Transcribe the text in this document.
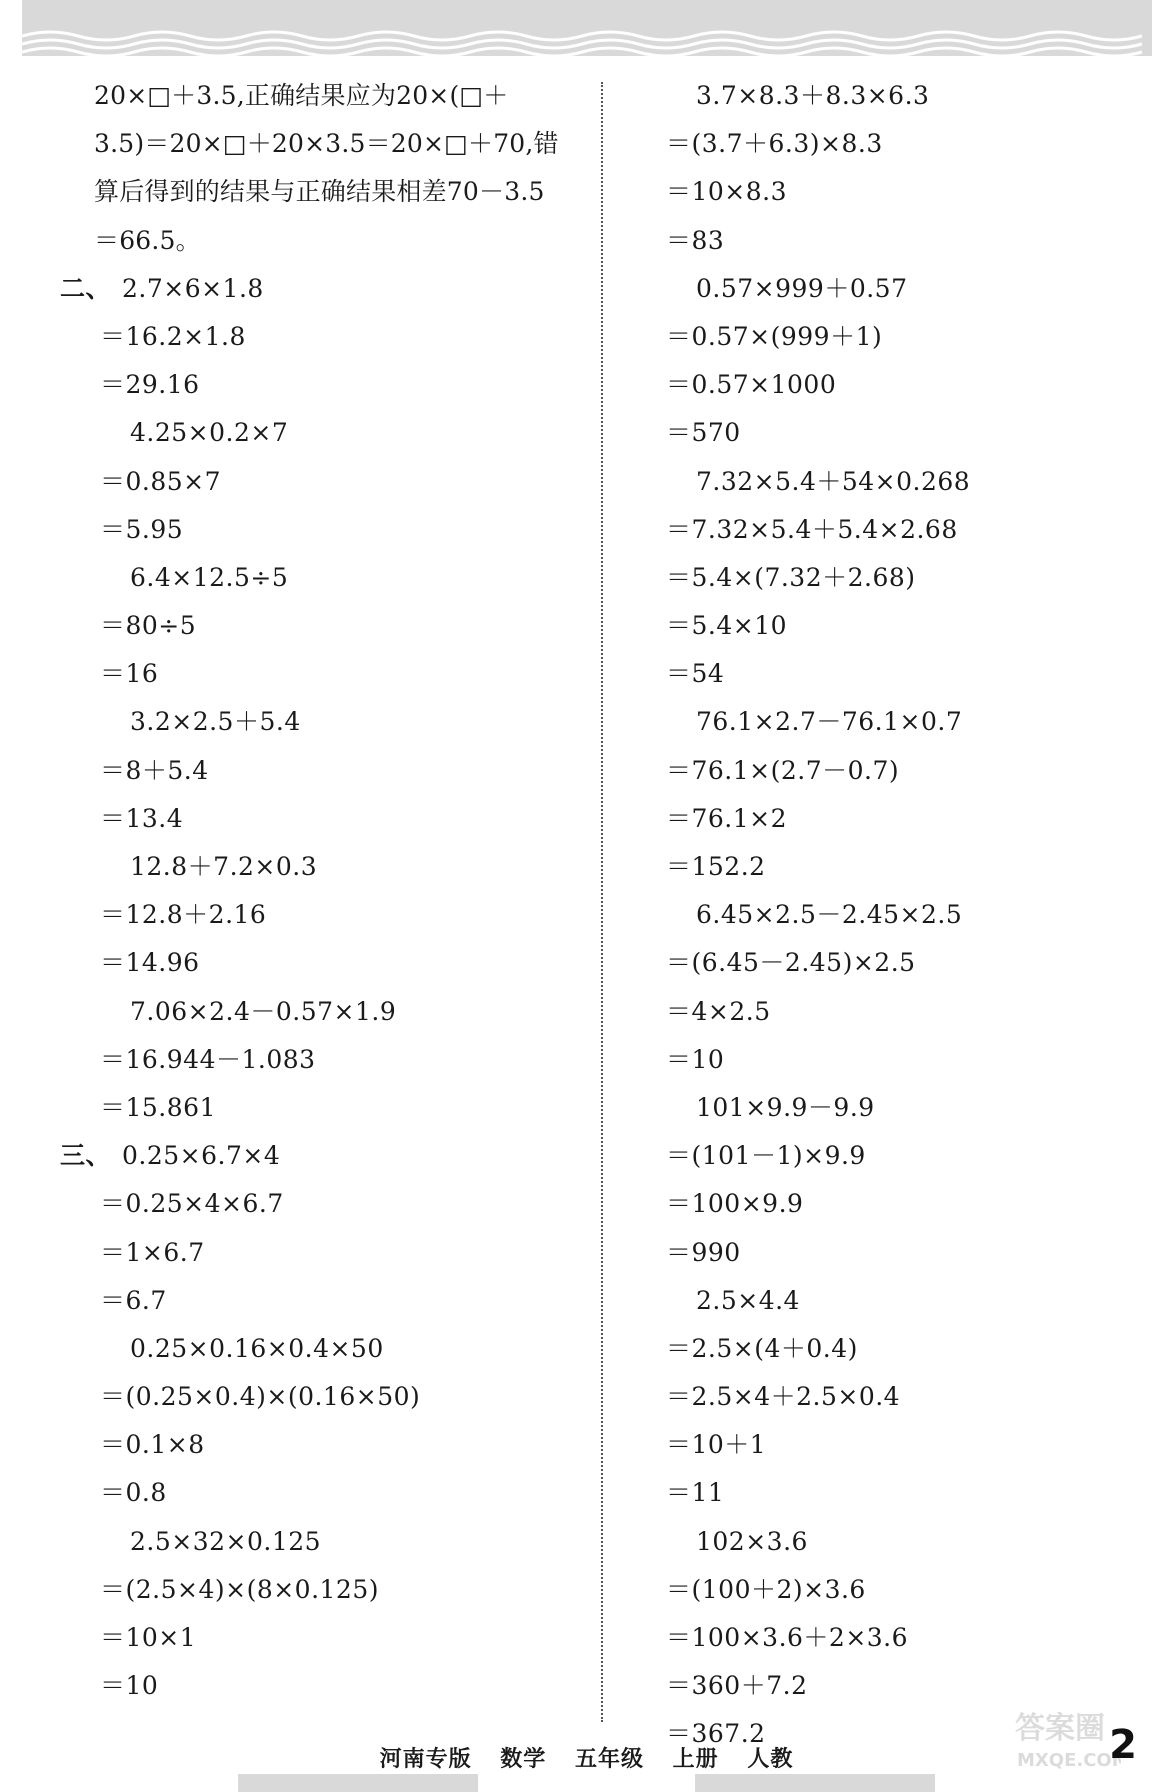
20×□＋3.5,正确结果应为20×(□＋
3.5)＝20×□＋20×3.5＝20×□＋70,错
算后得到的结果与正确结果相差70－3.5
＝66.5。
二、 2.7×6×1.8
＝16.2×1.8
＝29.16
4.25×0.2×7
＝0.85×7
＝5.95
6.4×12.5÷5
＝80÷5
＝16
3.2×2.5＋5.4
＝8＋5.4
＝13.4
12.8＋7.2×0.3
＝12.8＋2.16
＝14.96
7.06×2.4－0.57×1.9
＝16.944－1.083
＝15.861
三、 0.25×6.7×4
＝0.25×4×6.7
＝1×6.7
＝6.7
0.25×0.16×0.4×50
＝(0.25×0.4)×(0.16×50)
＝0.1×8
＝0.8
2.5×32×0.125
＝(2.5×4)×(8×0.125)
＝10×1
＝10
3.7×8.3＋8.3×6.3
＝(3.7＋6.3)×8.3
＝10×8.3
＝83
0.57×999＋0.57
＝0.57×(999＋1)
＝0.57×1000
＝570
7.32×5.4＋54×0.268
＝7.32×5.4＋5.4×2.68
＝5.4×(7.32＋2.68)
＝5.4×10
＝54
76.1×2.7－76.1×0.7
＝76.1×(2.7－0.7)
＝76.1×2
＝152.2
6.45×2.5－2.45×2.5
＝(6.45－2.45)×2.5
＝4×2.5
＝10
101×9.9－9.9
＝(101－1)×9.9
＝100×9.9
＝990
2.5×4.4
＝2.5×(4＋0.4)
＝2.5×4＋2.5×0.4
＝10＋1
＝11
102×3.6
＝(100＋2)×3.6
＝100×3.6＋2×3.6
＝360＋7.2
＝367.2
河南专版 数学 五年级 上册 人教
答案圈
MXQE.COM
2
